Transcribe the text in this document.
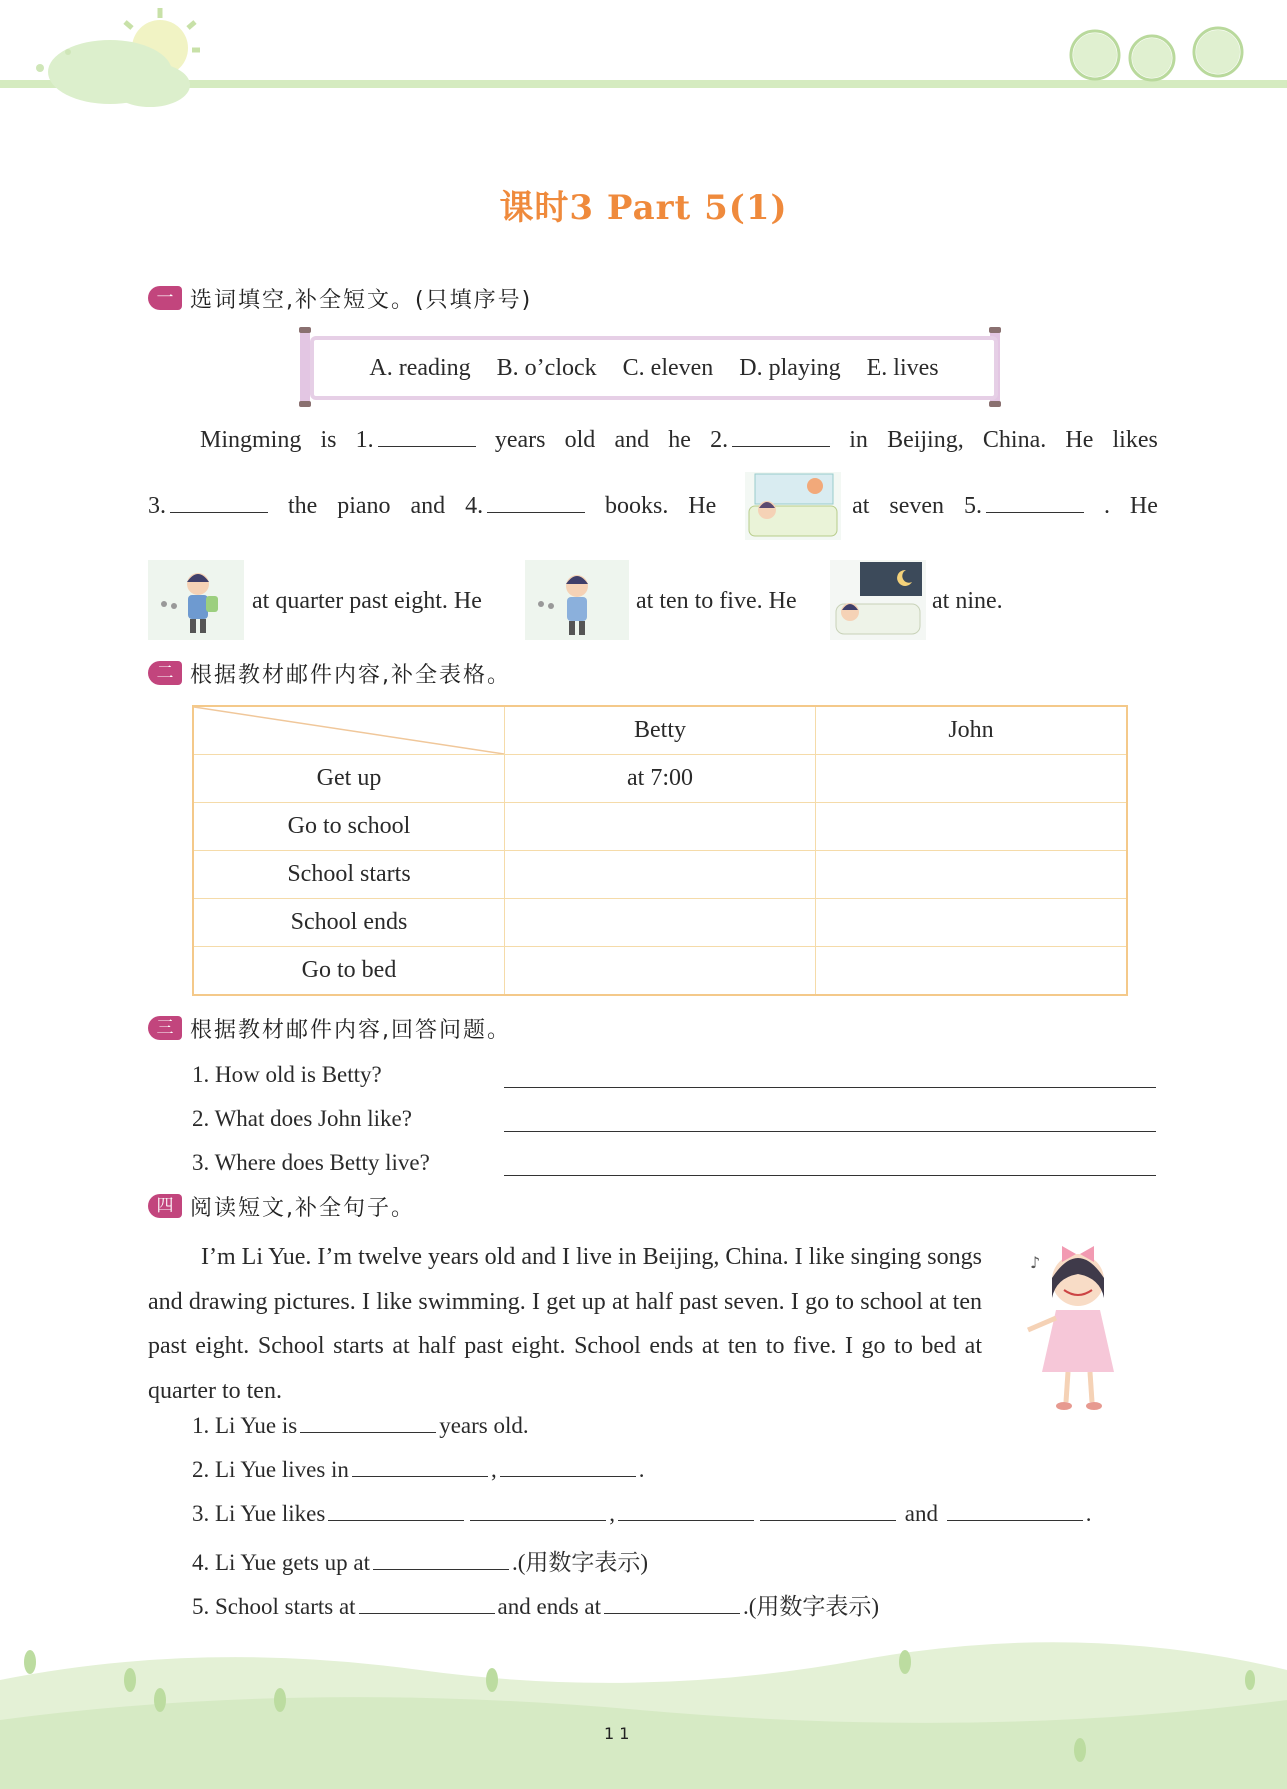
课时3 Part 5(1)
一 选词填空,补全短文。(只填序号)
A. reading B. o’clock C. eleven D. playing E. lives
Mingming is 1.	years old and he 2.	in Beijing, China. He likes
3.	the piano and 4.	books. He	at seven 5.	. He
at quarter past eight. He	at ten to five. He	at nine.
二 根据教材邮件内容,补全表格。
	Betty	John
Get up	at 7:00	
Go to school		
School starts		
School ends		
Go to bed		
三 根据教材邮件内容,回答问题。
1. How old is Betty?
2. What does John like?
3. Where does Betty live?
四 阅读短文,补全句子。
I’m Li Yue. I’m twelve years old and I live in Beijing, China. I like singing songs and drawing pictures. I like swimming. I get up at half past seven. I go to school at ten past eight. School starts at half past eight. School ends at ten to five. I go to bed at quarter to ten.
♪
1. Li Yue is	years old.
2. Li Yue lives in	,	.
3. Li Yue likes	,	and	.
4. Li Yue gets up at	.(用数字表示)
5. School starts at	and ends at	.(用数字表示)
1 1
